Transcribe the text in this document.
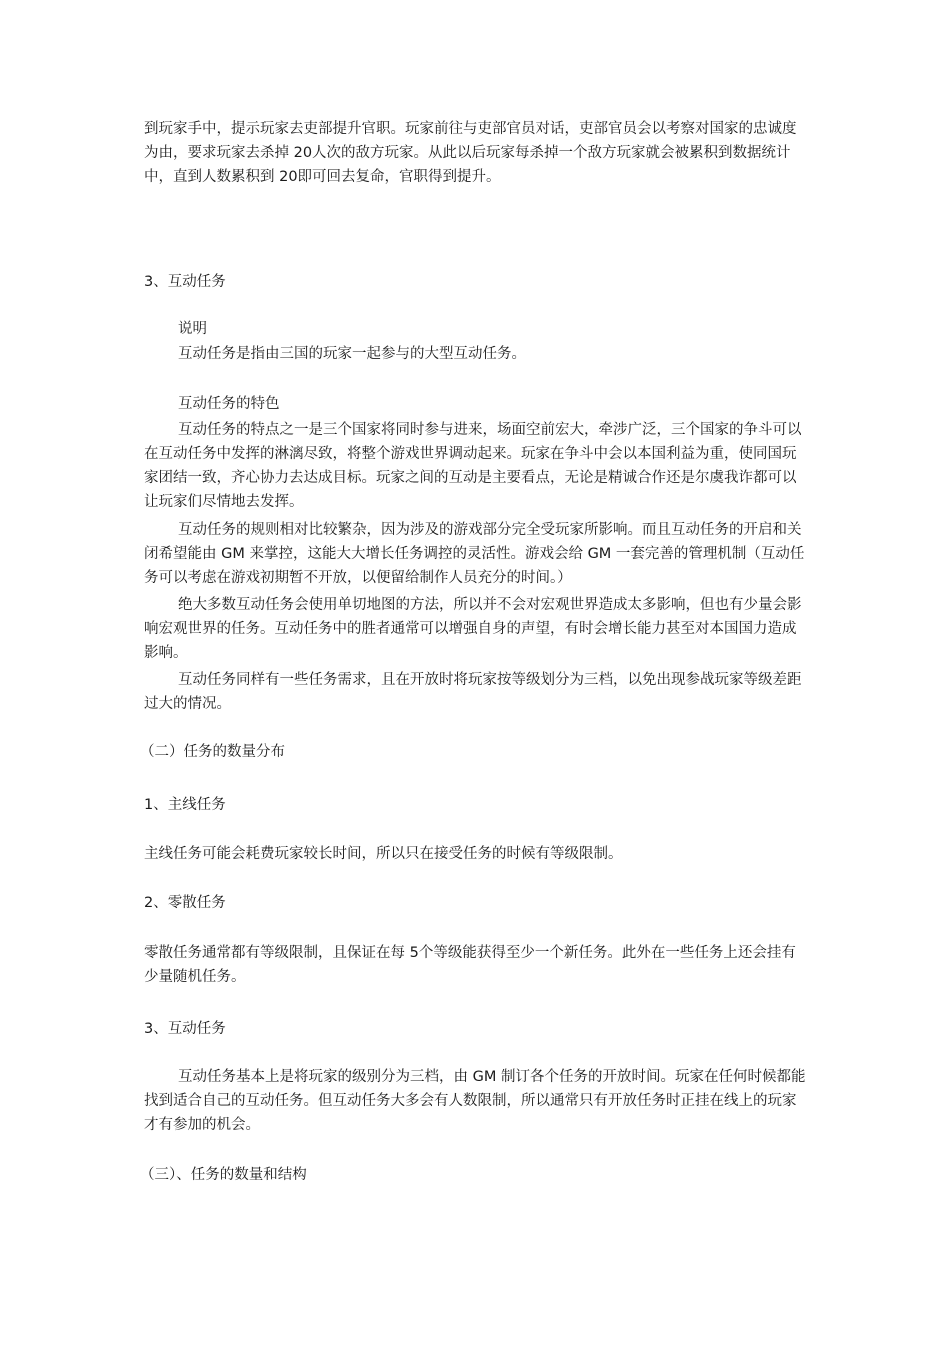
到玩家手中，提示玩家去吏部提升官职。玩家前往与吏部官员对话，吏部官员会以考察对国家的忠诚度为由，要求玩家去杀掉 20人次的敌方玩家。从此以后玩家每杀掉一个敌方玩家就会被累积到数据统计中，直到人数累积到 20即可回去复命，官职得到提升。

3、互动任务

说明

互动任务是指由三国的玩家一起参与的大型互动任务。

互动任务的特色

互动任务的特点之一是三个国家将同时参与进来，场面空前宏大，牵涉广泛，三个国家的争斗可以在互动任务中发挥的淋漓尽致，将整个游戏世界调动起来。玩家在争斗中会以本国利益为重，使同国玩家团结一致，齐心协力去达成目标。玩家之间的互动是主要看点，无论是精诚合作还是尔虞我诈都可以让玩家们尽情地去发挥。

互动任务的规则相对比较繁杂，因为涉及的游戏部分完全受玩家所影响。而且互动任务的开启和关闭希望能由 GM 来掌控，这能大大增长任务调控的灵活性。游戏会给 GM 一套完善的管理机制（互动任务可以考虑在游戏初期暂不开放，以便留给制作人员充分的时间。）

绝大多数互动任务会使用单切地图的方法，所以并不会对宏观世界造成太多影响，但也有少量会影响宏观世界的任务。互动任务中的胜者通常可以增强自身的声望，有时会增长能力甚至对本国国力造成影响。

互动任务同样有一些任务需求，且在开放时将玩家按等级划分为三档，以免出现参战玩家等级差距过大的情况。

（二）任务的数量分布

1、主线任务

主线任务可能会耗费玩家较长时间，所以只在接受任务的时候有等级限制。

2、零散任务

零散任务通常都有等级限制，且保证在每 5个等级能获得至少一个新任务。此外在一些任务上还会挂有少量随机任务。

3、互动任务

互动任务基本上是将玩家的级别分为三档，由 GM 制订各个任务的开放时间。玩家在任何时候都能找到适合自己的互动任务。但互动任务大多会有人数限制，所以通常只有开放任务时正挂在线上的玩家才有参加的机会。

（三）、任务的数量和结构
